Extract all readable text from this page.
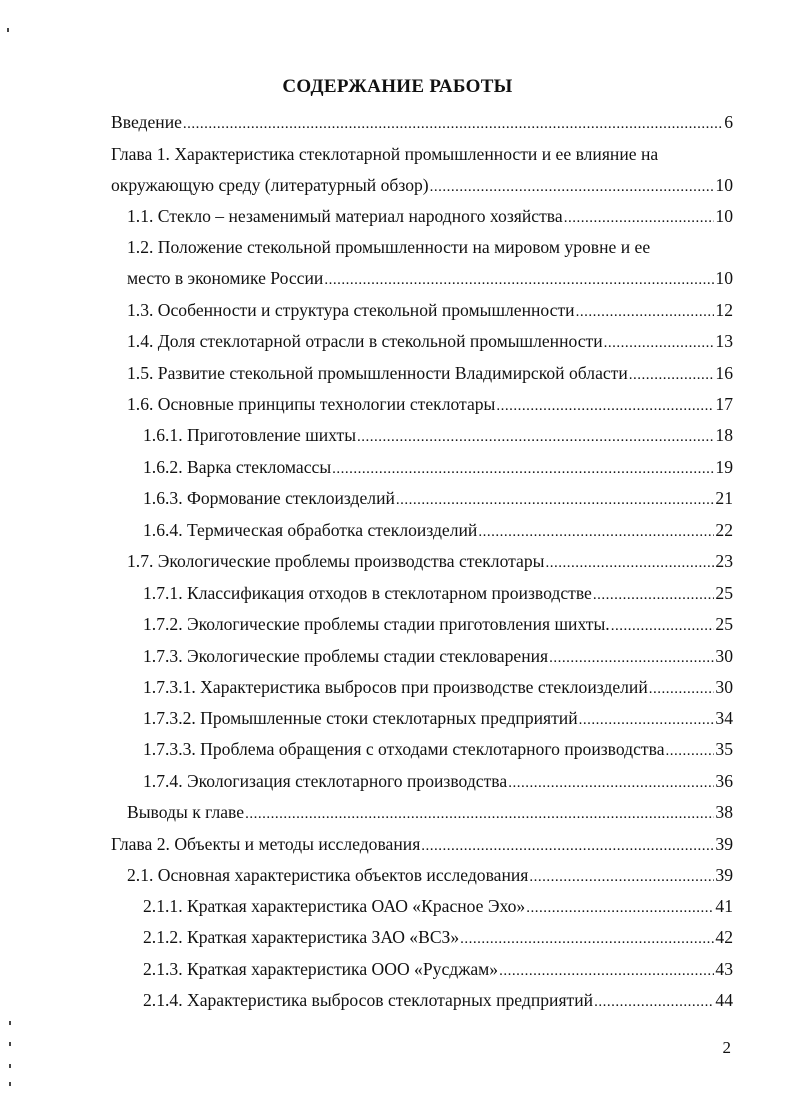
СОДЕРЖАНИЕ РАБОТЫ
Введение .....	6
Глава 1. Характеристика стеклотарной промышленности и ее влияние на
окружающую среду (литературный обзор) .....	10
1.1. Стекло – незаменимый материал народного хозяйства .....	10
1.2. Положение стекольной промышленности на мировом уровне и ее
место в экономике России .....	10
1.3. Особенности и структура стекольной промышленности .....	12
1.4. Доля стеклотарной отрасли в стекольной промышленности .....	13
1.5. Развитие стекольной промышленности Владимирской области .....	16
1.6. Основные принципы технологии стеклотары .....	17
1.6.1. Приготовление шихты .....	18
1.6.2. Варка стекломассы .....	19
1.6.3. Формование стеклоизделий .....	21
1.6.4. Термическая обработка стеклоизделий .....	22
1.7. Экологические проблемы производства стеклотары .....	23
1.7.1. Классификация отходов в стеклотарном производстве .....	25
1.7.2. Экологические проблемы стадии приготовления шихты. .....	25
1.7.3. Экологические проблемы стадии стекловарения .....	30
1.7.3.1. Характеристика выбросов при производстве стеклоизделий .....	30
1.7.3.2. Промышленные стоки стеклотарных предприятий .....	34
1.7.3.3. Проблема обращения с отходами стеклотарного производства .....	35
1.7.4. Экологизация стеклотарного производства .....	36
Выводы к главе .....	38
Глава 2. Объекты и методы исследования .....	39
2.1. Основная характеристика объектов исследования .....	39
2.1.1. Краткая характеристика ОАО «Красное Эхо» .....	41
2.1.2. Краткая характеристика ЗАО «ВСЗ» .....	42
2.1.3. Краткая характеристика ООО «Русджам» .....	43
2.1.4. Характеристика выбросов стеклотарных предприятий .....	44
2
